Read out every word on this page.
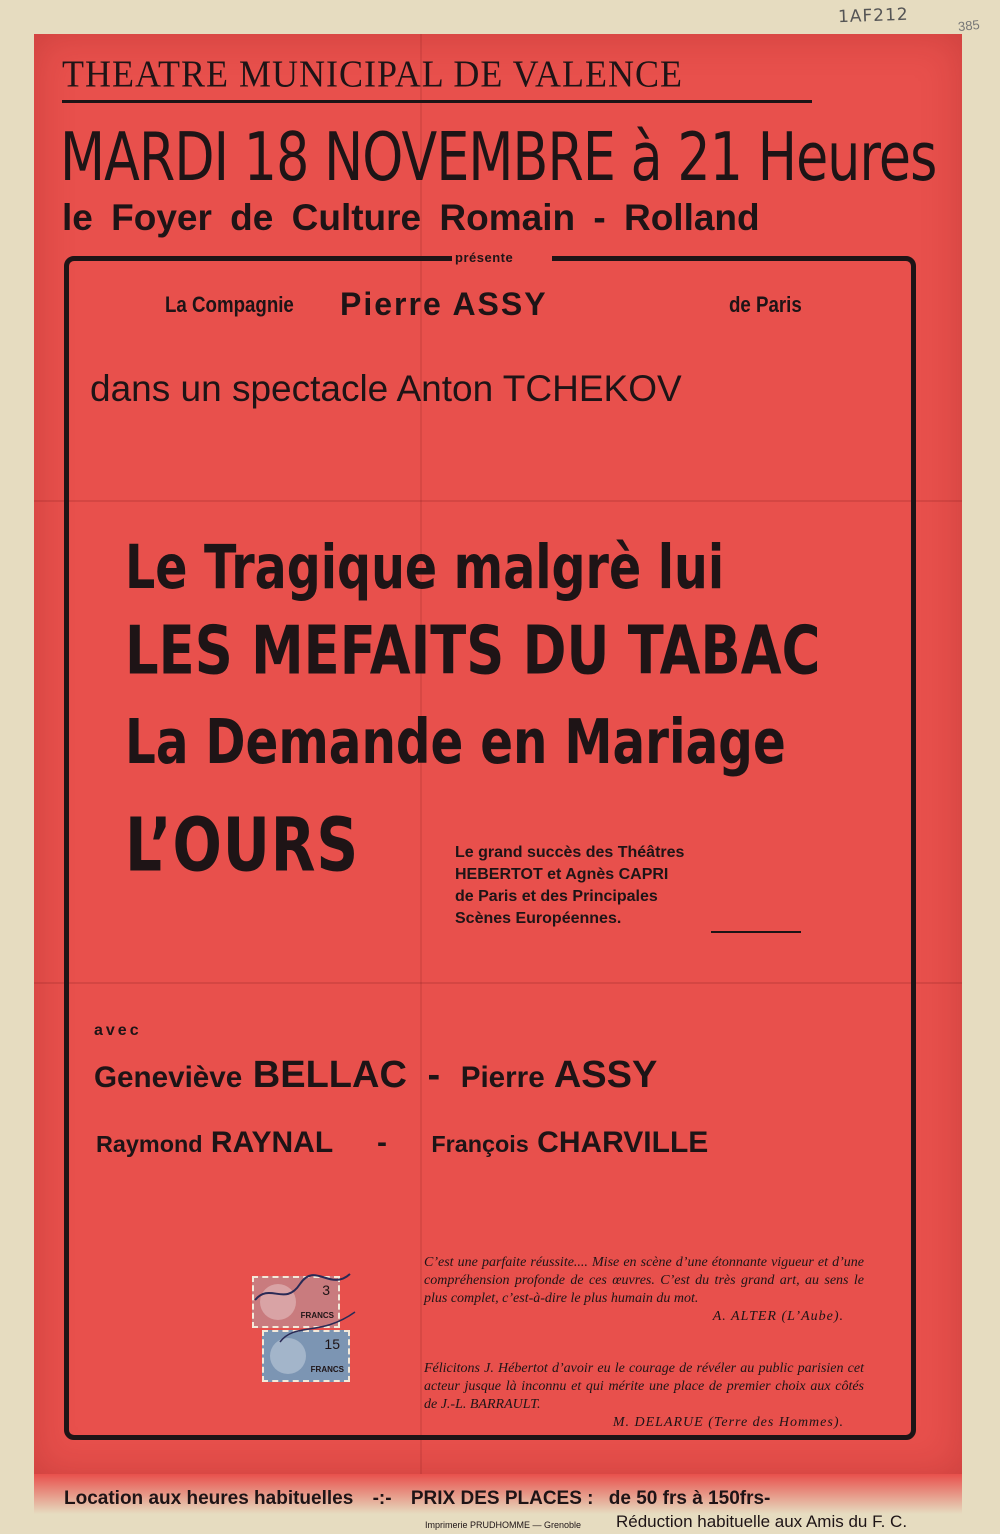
1AF212	385
THEATRE MUNICIPAL DE VALENCE
MARDI 18 NOVEMBRE à 21 Heures
le Foyer de Culture Romain - Rolland
présente
La Compagnie Pierre ASSY	de Paris
dans un spectacle Anton TCHEKOV
Le Tragique malgrè lui
LES MEFAITS DU TABAC
La Demande en Mariage
L’OURS	Le grand succès des Théâtres
HEBERTOT et Agnès CAPRI
de Paris et des Principales
Scènes Européennes.
avec
Geneviève BELLAC - Pierre ASSY
Raymond RAYNAL - François CHARVILLE
3
FRANCS
15
FRANCS
C’est une parfaite réussite.... Mise en scène d’une étonnante vigueur et d’une compréhension profonde de ces œuvres. C’est du très grand art, au sens le plus complet, c’est-à-dire le plus humain du mot.
A. ALTER (L’Aube).
Félicitons J. Hébertot d’avoir eu le courage de révéler au public parisien cet acteur jusque là inconnu et qui mérite une place de premier choix aux côtés de J.-L. BARRAULT.
M. DELARUE (Terre des Hommes).
Location aux heures habituelles -:- PRIX DES PLACES : de 50 frs à 150frs-
Imprimerie PRUDHOMME — Grenoble Réduction habituelle aux Amis du F. C.
